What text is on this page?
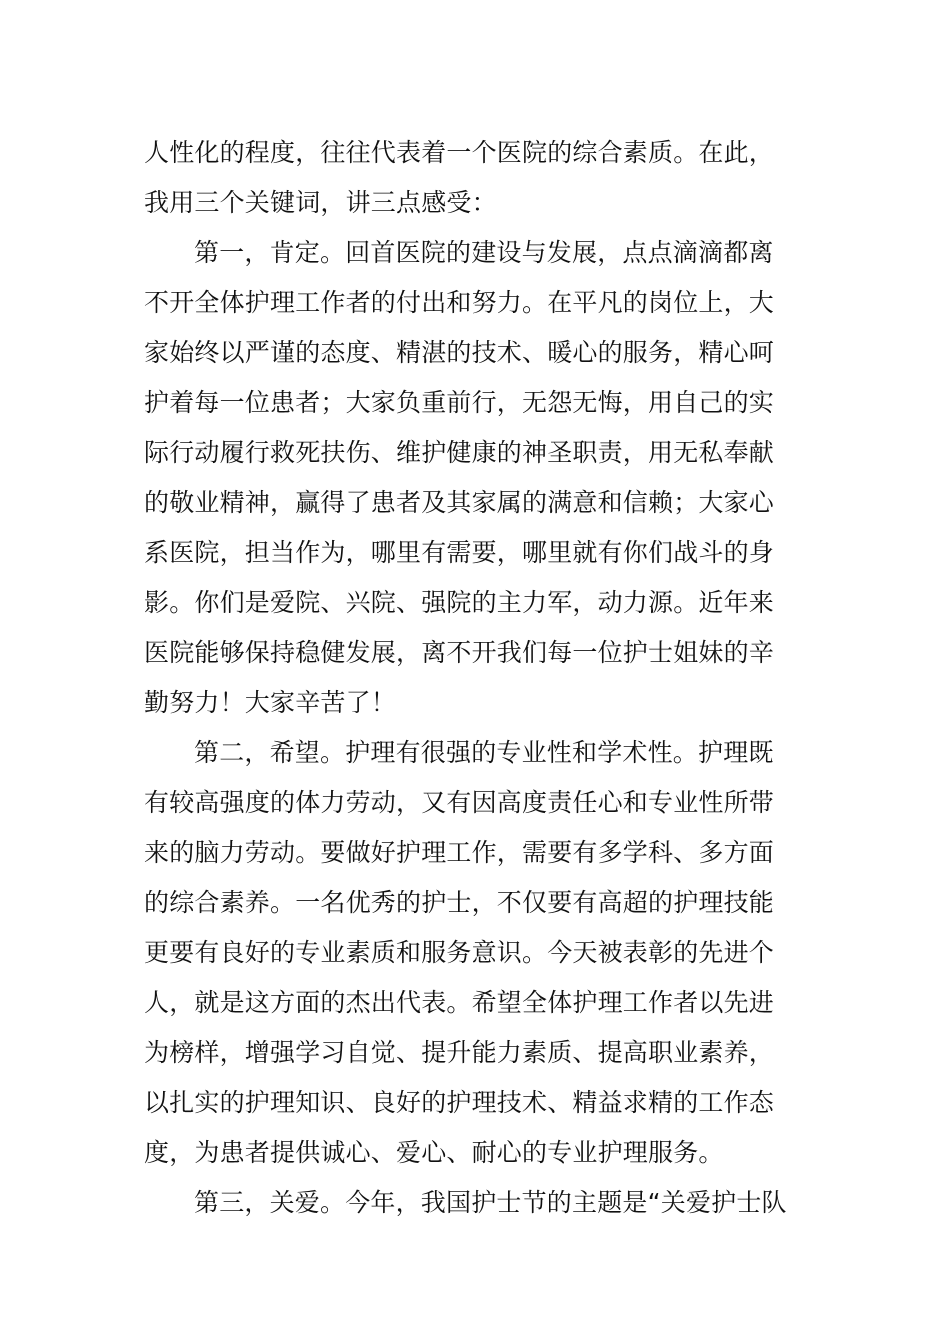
人性化的程度，往往代表着一个医院的综合素质。在此，
我用三个关键词，讲三点感受：
第一，肯定。回首医院的建设与发展，点点滴滴都离
不开全体护理工作者的付出和努力。在平凡的岗位上，大
家始终以严谨的态度、精湛的技术、暖心的服务，精心呵
护着每一位患者；大家负重前行，无怨无悔，用自己的实
际行动履行救死扶伤、维护健康的神圣职责，用无私奉献
的敬业精神，赢得了患者及其家属的满意和信赖；大家心
系医院，担当作为，哪里有需要，哪里就有你们战斗的身
影。你们是爱院、兴院、强院的主力军，动力源。近年来
医院能够保持稳健发展，离不开我们每一位护士姐妹的辛
勤努力！大家辛苦了！
第二，希望。护理有很强的专业性和学术性。护理既
有较高强度的体力劳动，又有因高度责任心和专业性所带
来的脑力劳动。要做好护理工作，需要有多学科、多方面
的综合素养。一名优秀的护士，不仅要有高超的护理技能
更要有良好的专业素质和服务意识。今天被表彰的先进个
人，就是这方面的杰出代表。希望全体护理工作者以先进
为榜样，增强学习自觉、提升能力素质、提高职业素养，
以扎实的护理知识、良好的护理技术、精益求精的工作态
度，为患者提供诚心、爱心、耐心的专业护理服务。
第三，关爱。今年，我国护士节的主题是“关爱护士队
